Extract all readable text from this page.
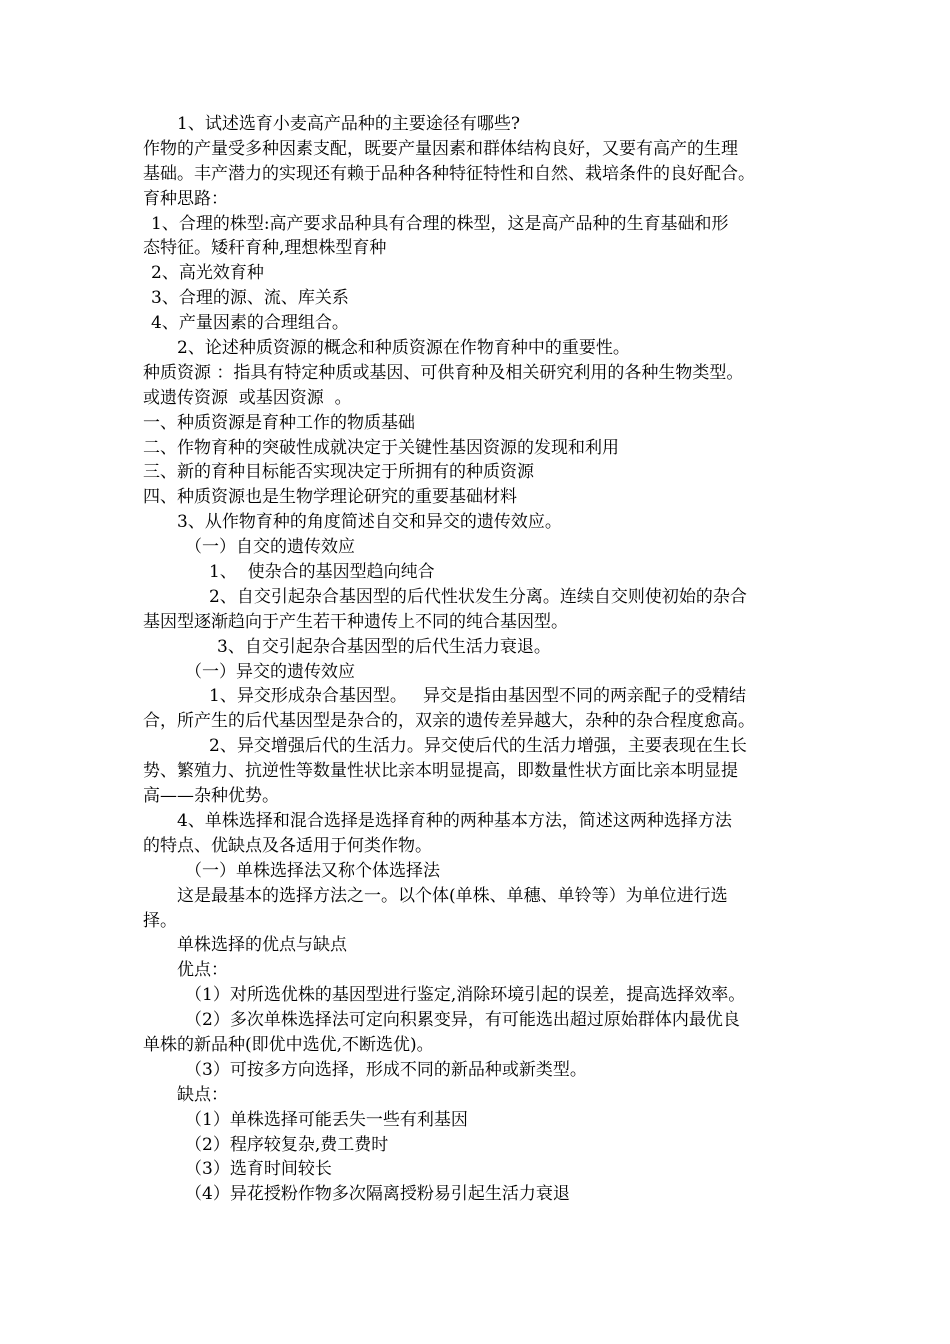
1、试述选育小麦高产品种的主要途径有哪些?
作物的产量受多种因素支配，既要产量因素和群体结构良好，又要有高产的生理
基础。丰产潜力的实现还有赖于品种各种特征特性和自然、栽培条件的良好配合。
育种思路：
1、合理的株型:高产要求品种具有合理的株型，这是高产品种的生育基础和形
态特征。矮秆育种,理想株型育种
2、高光效育种
3、合理的源、流、库关系
4、产量因素的合理组合。
2、论述种质资源的概念和种质资源在作物育种中的重要性。
种质资源 ：指具有特定种质或基因、可供育种及相关研究利用的各种生物类型。
或遗传资源  或基因资源  。
一、种质资源是育种工作的物质基础
二、作物育种的突破性成就决定于关键性基因资源的发现和利用
三、新的育种目标能否实现决定于所拥有的种质资源
四、种质资源也是生物学理论研究的重要基础材料
3、从作物育种的角度简述自交和异交的遗传效应。
（一）自交的遗传效应
1、  使杂合的基因型趋向纯合
2、自交引起杂合基因型的后代性状发生分离。连续自交则使初始的杂合
基因型逐渐趋向于产生若干种遗传上不同的纯合基因型。
3、自交引起杂合基因型的后代生活力衰退。
（一）异交的遗传效应
1、异交形成杂合基因型。   异交是指由基因型不同的两亲配子的受精结
合，所产生的后代基因型是杂合的，双亲的遗传差异越大，杂种的杂合程度愈高。
2、异交增强后代的生活力。异交使后代的生活力增强，主要表现在生长
势、繁殖力、抗逆性等数量性状比亲本明显提高，即数量性状方面比亲本明显提
高——杂种优势。
4、单株选择和混合选择是选择育种的两种基本方法，简述这两种选择方法
的特点、优缺点及各适用于何类作物。
（一）单株选择法又称个体选择法
这是最基本的选择方法之一。以个体(单株、单穗、单铃等）为单位进行选
择。
单株选择的优点与缺点
优点：
（1）对所选优株的基因型进行鉴定,消除环境引起的误差，提高选择效率。
（2）多次单株选择法可定向积累变异，有可能选出超过原始群体内最优良
单株的新品种(即优中选优,不断选优)。
（3）可按多方向选择，形成不同的新品种或新类型。
缺点：
（1）单株选择可能丢失一些有利基因
（2）程序较复杂,费工费时
（3）选育时间较长
（4）异花授粉作物多次隔离授粉易引起生活力衰退
